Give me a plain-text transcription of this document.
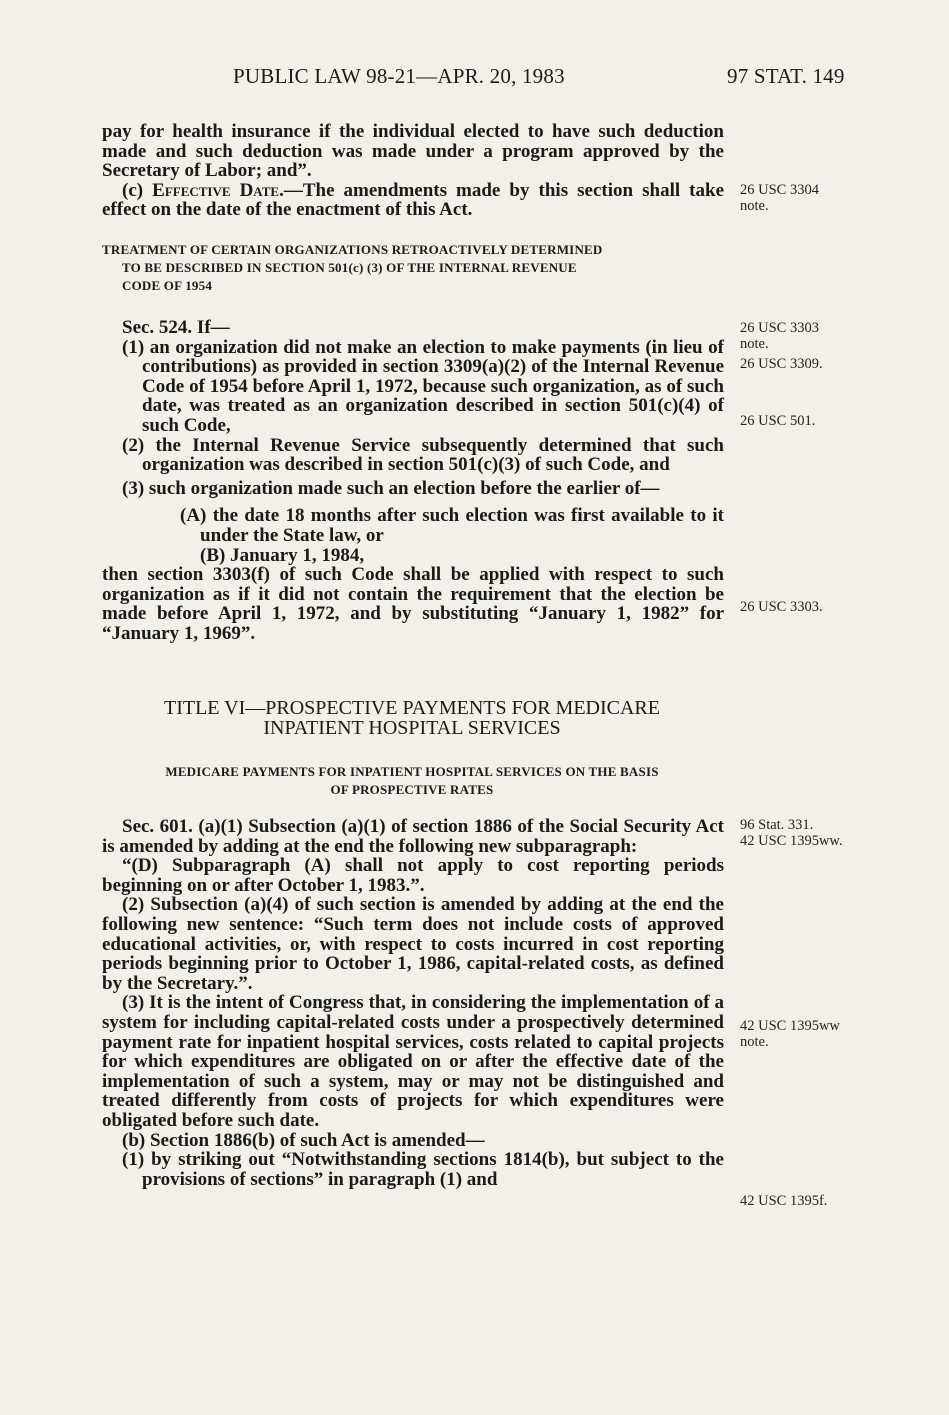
PUBLIC LAW 98-21—APR. 20, 1983	97 STAT. 149

pay for health insurance if the individual elected to have such deduction made and such deduction was made under a program approved by the Secretary of Labor; and”.

(c) Effective Date.—The amendments made by this section shall take effect on the date of the enactment of this Act.

26 USC 3304
note.
TREATMENT OF CERTAIN ORGANIZATIONS RETROACTIVELY DETERMINED
TO BE DESCRIBED IN SECTION 501(c) (3) OF THE INTERNAL REVENUE
CODE OF 1954

Sec. 524. If—

(1) an organization did not make an election to make payments (in lieu of contributions) as provided in section 3309(a)(2) of the Internal Revenue Code of 1954 before April 1, 1972, because such organization, as of such date, was treated as an organization described in section 501(c)(4) of such Code,

(2) the Internal Revenue Service subsequently determined that such organization was described in section 501(c)(3) of such Code, and

(3) such organization made such an election before the earlier of—

(A) the date 18 months after such election was first available to it under the State law, or

(B) January 1, 1984,

then section 3303(f) of such Code shall be applied with respect to such organization as if it did not contain the requirement that the election be made before April 1, 1972, and by substituting “January 1, 1982” for “January 1, 1969”.

26 USC 3303
note.
26 USC 3309.
26 USC 501.
26 USC 3303.
TITLE VI—PROSPECTIVE PAYMENTS FOR MEDICARE
INPATIENT HOSPITAL SERVICES
MEDICARE PAYMENTS FOR INPATIENT HOSPITAL SERVICES ON THE BASIS
OF PROSPECTIVE RATES

Sec. 601. (a)(1) Subsection (a)(1) of section 1886 of the Social Security Act is amended by adding at the end the following new subparagraph:

“(D) Subparagraph (A) shall not apply to cost reporting periods beginning on or after October 1, 1983.”.

(2) Subsection (a)(4) of such section is amended by adding at the end the following new sentence: “Such term does not include costs of approved educational activities, or, with respect to costs incurred in cost reporting periods beginning prior to October 1, 1986, capital-related costs, as defined by the Secretary.”.

(3) It is the intent of Congress that, in considering the implementation of a system for including capital-related costs under a prospectively determined payment rate for inpatient hospital services, costs related to capital projects for which expenditures are obligated on or after the effective date of the implementation of such a system, may or may not be distinguished and treated differently from costs of projects for which expenditures were obligated before such date.

(b) Section 1886(b) of such Act is amended—

(1) by striking out “Notwithstanding sections 1814(b), but subject to the provisions of sections” in paragraph (1) and

96 Stat. 331.
42 USC 1395ww.
42 USC 1395ww
note.
42 USC 1395f.
